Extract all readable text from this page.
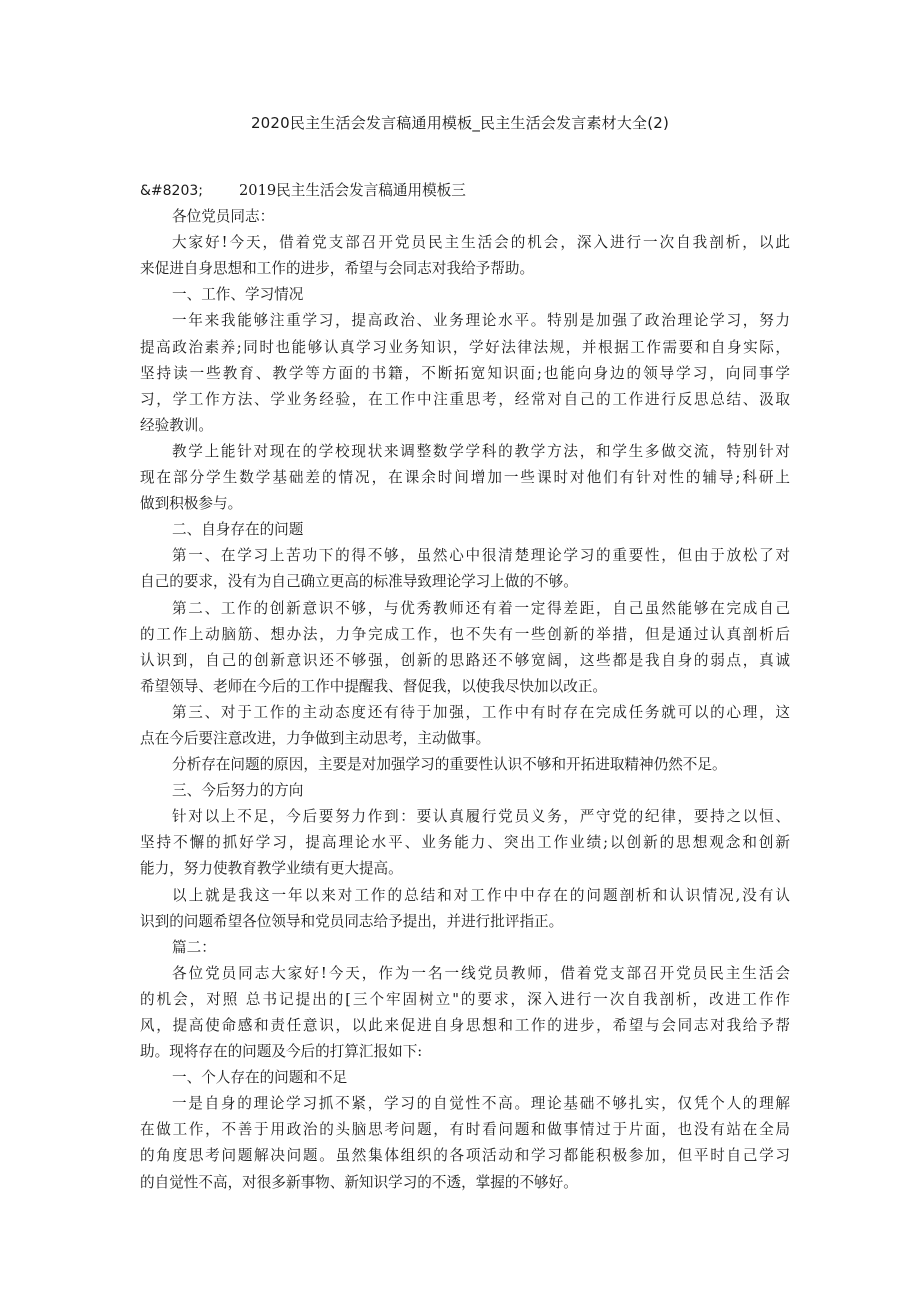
2020民主生活会发言稿通用模板_民主生活会发言素材大全(2)
&#8203; 2019民主生活会发言稿通用模板三
各位党员同志：
大家好!今天，借着党支部召开党员民主生活会的机会，深入进行一次自我剖析，以此
来促进自身思想和工作的进步，希望与会同志对我给予帮助。
一、工作、学习情况
一年来我能够注重学习，提高政治、业务理论水平。特别是加强了政治理论学习，努力
提高政治素养;同时也能够认真学习业务知识，学好法律法规，并根据工作需要和自身实际，
坚持读一些教育、教学等方面的书籍，不断拓宽知识面;也能向身边的领导学习，向同事学
习，学工作方法、学业务经验，在工作中注重思考，经常对自己的工作进行反思总结、汲取
经验教训。
教学上能针对现在的学校现状来调整数学学科的教学方法，和学生多做交流，特别针对
现在部分学生数学基础差的情况，在课余时间增加一些课时对他们有针对性的辅导;科研上
做到积极参与。
二、自身存在的问题
第一、在学习上苦功下的得不够，虽然心中很清楚理论学习的重要性，但由于放松了对
自己的要求，没有为自己确立更高的标准导致理论学习上做的不够。
第二、工作的创新意识不够，与优秀教师还有着一定得差距，自己虽然能够在完成自己
的工作上动脑筋、想办法，力争完成工作，也不失有一些创新的举措，但是通过认真剖析后
认识到，自己的创新意识还不够强，创新的思路还不够宽阔，这些都是我自身的弱点，真诚
希望领导、老师在今后的工作中提醒我、督促我，以使我尽快加以改正。
第三、对于工作的主动态度还有待于加强，工作中有时存在完成任务就可以的心理，这
点在今后要注意改进，力争做到主动思考，主动做事。
分析存在问题的原因，主要是对加强学习的重要性认识不够和开拓进取精神仍然不足。
三、今后努力的方向
针对以上不足，今后要努力作到：要认真履行党员义务，严守党的纪律，要持之以恒、
坚持不懈的抓好学习，提高理论水平、业务能力、突出工作业绩;以创新的思想观念和创新
能力，努力使教育教学业绩有更大提高。
以上就是我这一年以来对工作的总结和对工作中中存在的问题剖析和认识情况,没有认
识到的问题希望各位领导和党员同志给予提出，并进行批评指正。
篇二：
各位党员同志大家好!今天，作为一名一线党员教师，借着党支部召开党员民主生活会
的机会，对照 总书记提出的[三个牢固树立"的要求，深入进行一次自我剖析，改进工作作
风，提高使命感和责任意识，以此来促进自身思想和工作的进步，希望与会同志对我给予帮
助。现将存在的问题及今后的打算汇报如下:
一、个人存在的问题和不足
一是自身的理论学习抓不紧，学习的自觉性不高。理论基础不够扎实，仅凭个人的理解
在做工作，不善于用政治的头脑思考问题，有时看问题和做事情过于片面，也没有站在全局
的角度思考问题解决问题。虽然集体组织的各项活动和学习都能积极参加，但平时自己学习
的自觉性不高，对很多新事物、新知识学习的不透，掌握的不够好。
